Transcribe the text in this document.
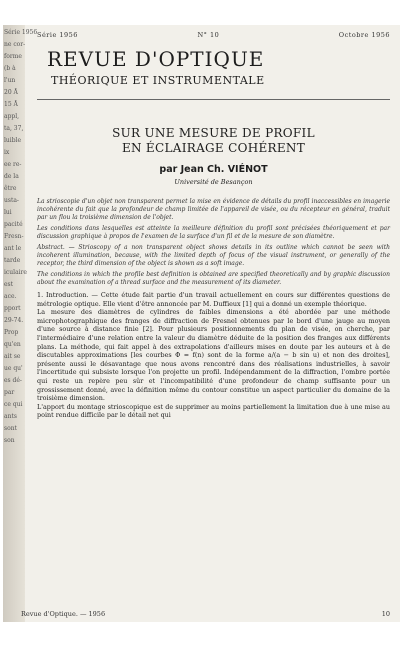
Série 1956
ne cor-
forme
(b à
l'un
20 Å
15 Å
appl,
ta, 37,
luible
ix
ee re-
de la
être
usta-
lui
pacité
Fresn-
ant le
tarde
iculaire
est
ace.
pport
29-74.
Prop
qu'en
ait se
ue qu'
es dé-
par
ce qui
ants
sont
son
Série 1956	N° 10	Octobre 1956
REVUE D'OPTIQUE
THÉORIQUE ET INSTRUMENTALE
SUR UNE MESURE DE PROFIL
EN ÉCLAIRAGE COHÉRENT
par Jean Ch. VIÉNOT
Université de Besançon

La strioscopie d'un objet non transparent permet la mise en évidence de détails du profil inaccessibles en imagerie incohérente du fait que la profondeur de champ limitée de l'appareil de visée, ou du récepteur en général, traduit par un flou la troisième dimension de l'objet.

Les conditions dans lesquelles est atteinte la meilleure définition du profil sont précisées théoriquement et par discussion graphique à propos de l'examen de la surface d'un fil et de la mesure de son diamètre.

Abstract. — Strioscopy of a non transparent object shows details in its outline which cannot be seen with incoherent illumination, because, with the limited depth of focus of the visual instrument, or generally of the receptor, the third dimension of the object is shown as a soft image.

The conditions in which the profile best definition is obtained are specified theoretically and by graphic discussion about the examination of a thread surface and the measurement of its diameter.

1. Introduction. — Cette étude fait partie d'un travail actuellement en cours sur différentes questions de métrologie optique. Elle vient d'être annoncée par M. Duffieux [1] qui a donné un exemple théorique.

La mesure des diamètres de cylindres de faibles dimensions a été abordée par une méthode microphotographique des franges de diffraction de Fresnel obtenues par le bord d'une jauge au moyen d'une source à distance finie [2]. Pour plusieurs positionnements du plan de visée, on cherche, par l'intermédiaire d'une relation entre la valeur du diamètre déduite de la position des franges aux différents plans. La méthode, qui fait appel à des extrapolations d'ailleurs mises en doute par les auteurs et à de discutables approximations [les courbes Φ = f(n) sont de la forme a/(a − b sin u) et non des droites], présente aussi le désavantage que nous avons rencontré dans des réalisations industrielles, à savoir l'incertitude qui subsiste lorsque l'on projette un profil. Indépendamment de la diffraction, l'ombre portée qui reste un repère peu sûr et l'incompatibilité d'une profondeur de champ suffisante pour un grossissement donné, avec la définition même du contour constitue un aspect particulier du domaine de la troisième dimension.

L'apport du montage strioscopique est de supprimer au moins partiellement la limitation due à une mise au point rendue difficile par le détail net qui

Revue d'Optique. — 1956	10
